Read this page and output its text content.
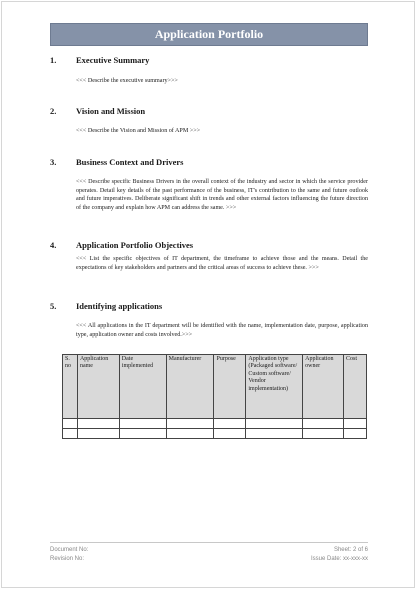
Application Portfolio
1. Executive Summary
<<< Describe the executive summary>>>
2. Vision and Mission
<<< Describe the Vision and Mission of APM >>>
3. Business Context and Drivers
<<< Describe specific Business Drivers in the overall context of the industry and sector in which the service provider operates. Detail key details of the past performance of the business, IT's contribution to the same and future outlook and future imperatives. Deliberate significant shift in trends and other external factors influencing the future direction of the company and explain how APM can address the same. >>>
4. Application Portfolio Objectives
<<< List the specific objectives of IT department, the timeframe to achieve those and the means. Detail the expectations of key stakeholders and partners and the critical areas of success to achieve these. >>>
5. Identifying applications
<<< All applications in the IT department will be identified with the name, implementation date, purpose, application type, application owner and costs involved.>>>
S. no	Application name	Date implemented	Manufacturer	Purpose	Application type (Packaged software/ Custom software/ Vendor implementation)	Application owner	Cost

Document No:
Revision No:
Sheet: 2 of 6
Issue Date: xx-xxx-xx
